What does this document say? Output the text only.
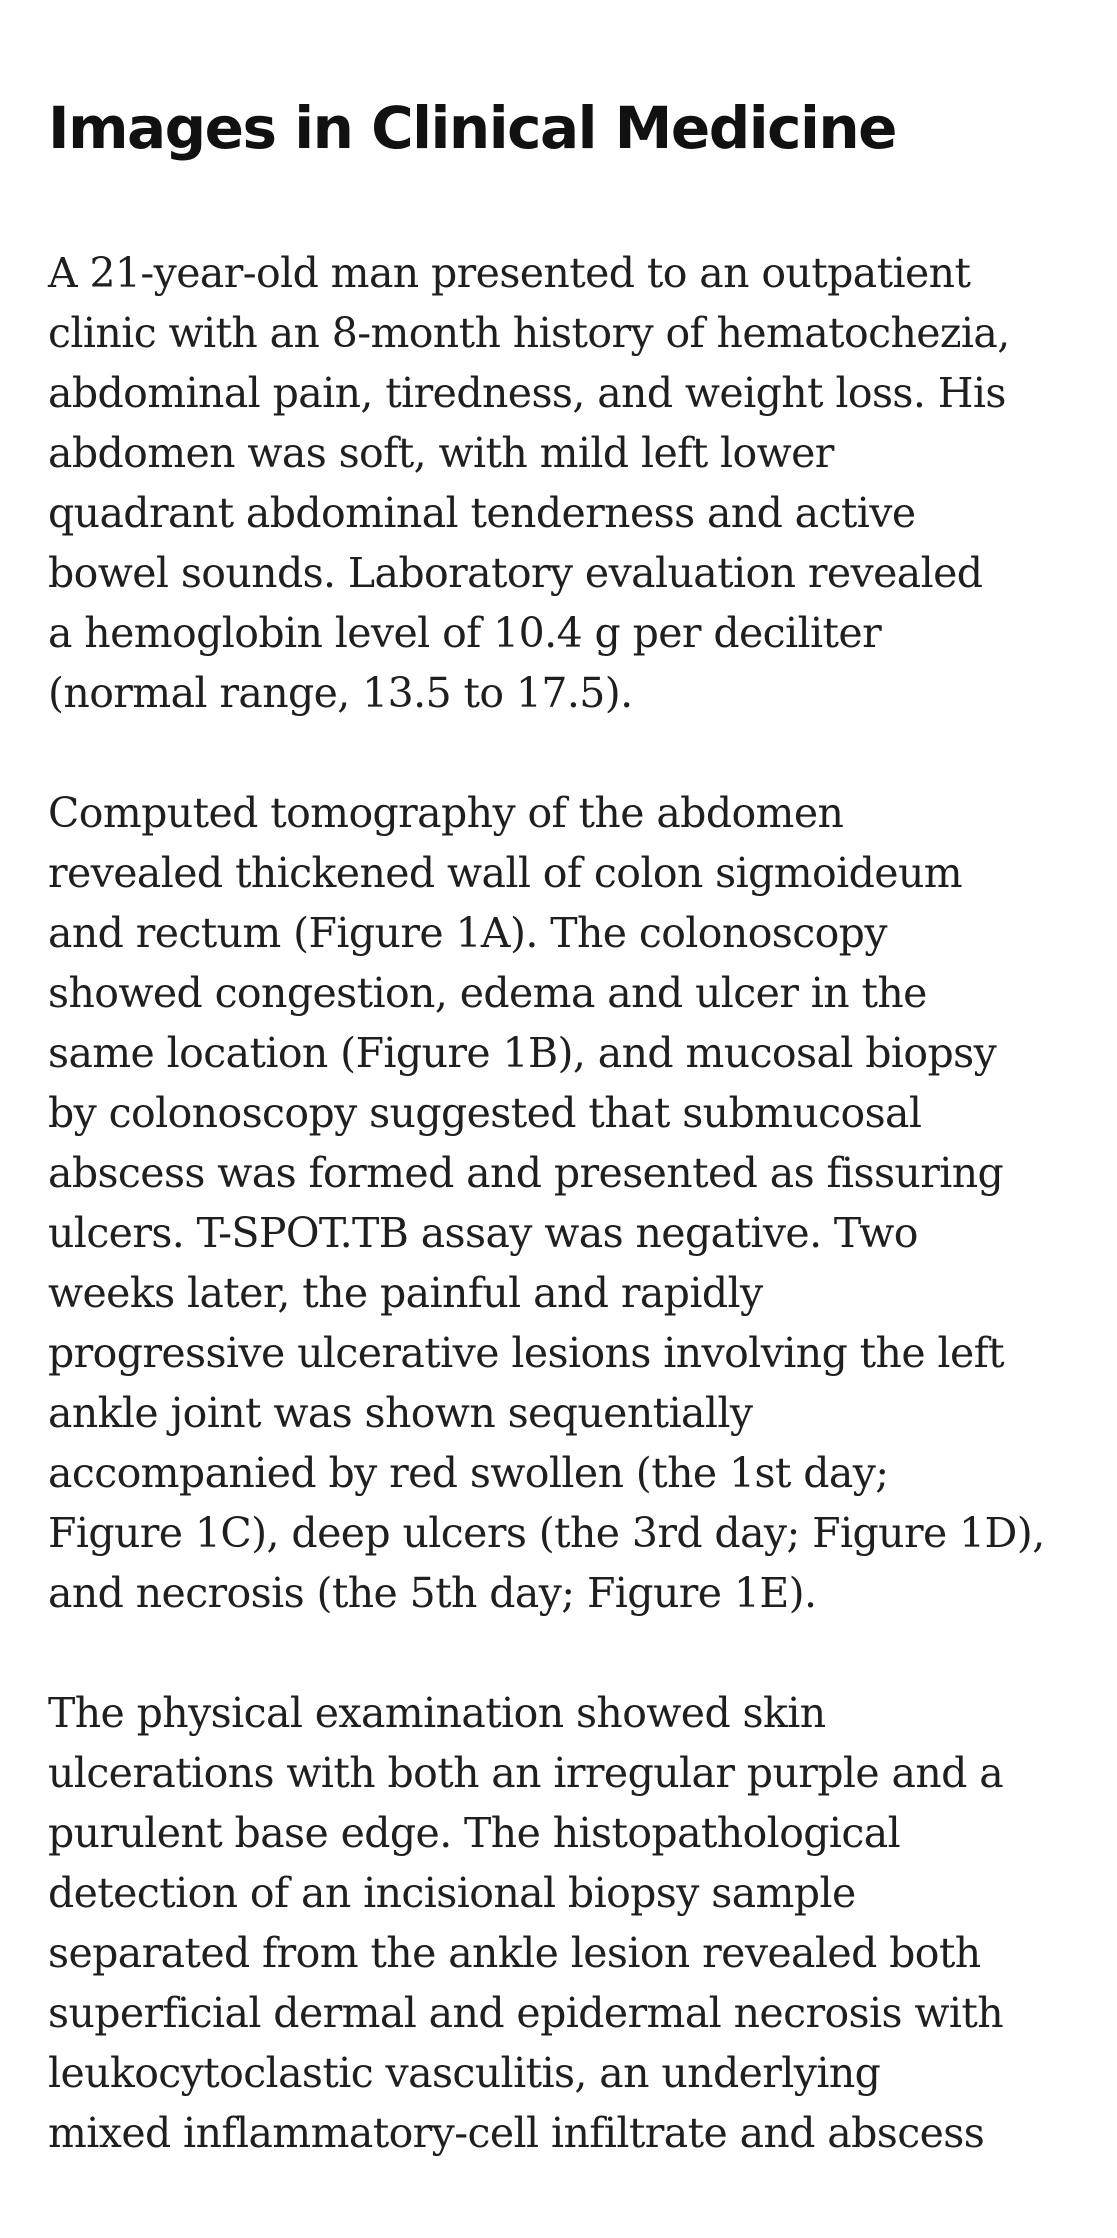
Images in Clinical Medicine

A 21-year-old man presented to an outpatient
clinic with an 8-month history of hematochezia,
abdominal pain, tiredness, and weight loss. His
abdomen was soft, with mild left lower
quadrant abdominal tenderness and active
bowel sounds. Laboratory evaluation revealed
a hemoglobin level of 10.4 g per deciliter
(normal range, 13.5 to 17.5).

Computed tomography of the abdomen
revealed thickened wall of colon sigmoideum
and rectum (Figure 1A). The colonoscopy
showed congestion, edema and ulcer in the
same location (Figure 1B), and mucosal biopsy
by colonoscopy suggested that submucosal
abscess was formed and presented as fissuring
ulcers. T-SPOT.TB assay was negative. Two
weeks later, the painful and rapidly
progressive ulcerative lesions involving the left
ankle joint was shown sequentially
accompanied by red swollen (the 1st day;
Figure 1C), deep ulcers (the 3rd day; Figure 1D),
and necrosis (the 5th day; Figure 1E).

The physical examination showed skin
ulcerations with both an irregular purple and a
purulent base edge. The histopathological
detection of an incisional biopsy sample
separated from the ankle lesion revealed both
superficial dermal and epidermal necrosis with
leukocytoclastic vasculitis, an underlying
mixed inflammatory-cell infiltrate and abscess
